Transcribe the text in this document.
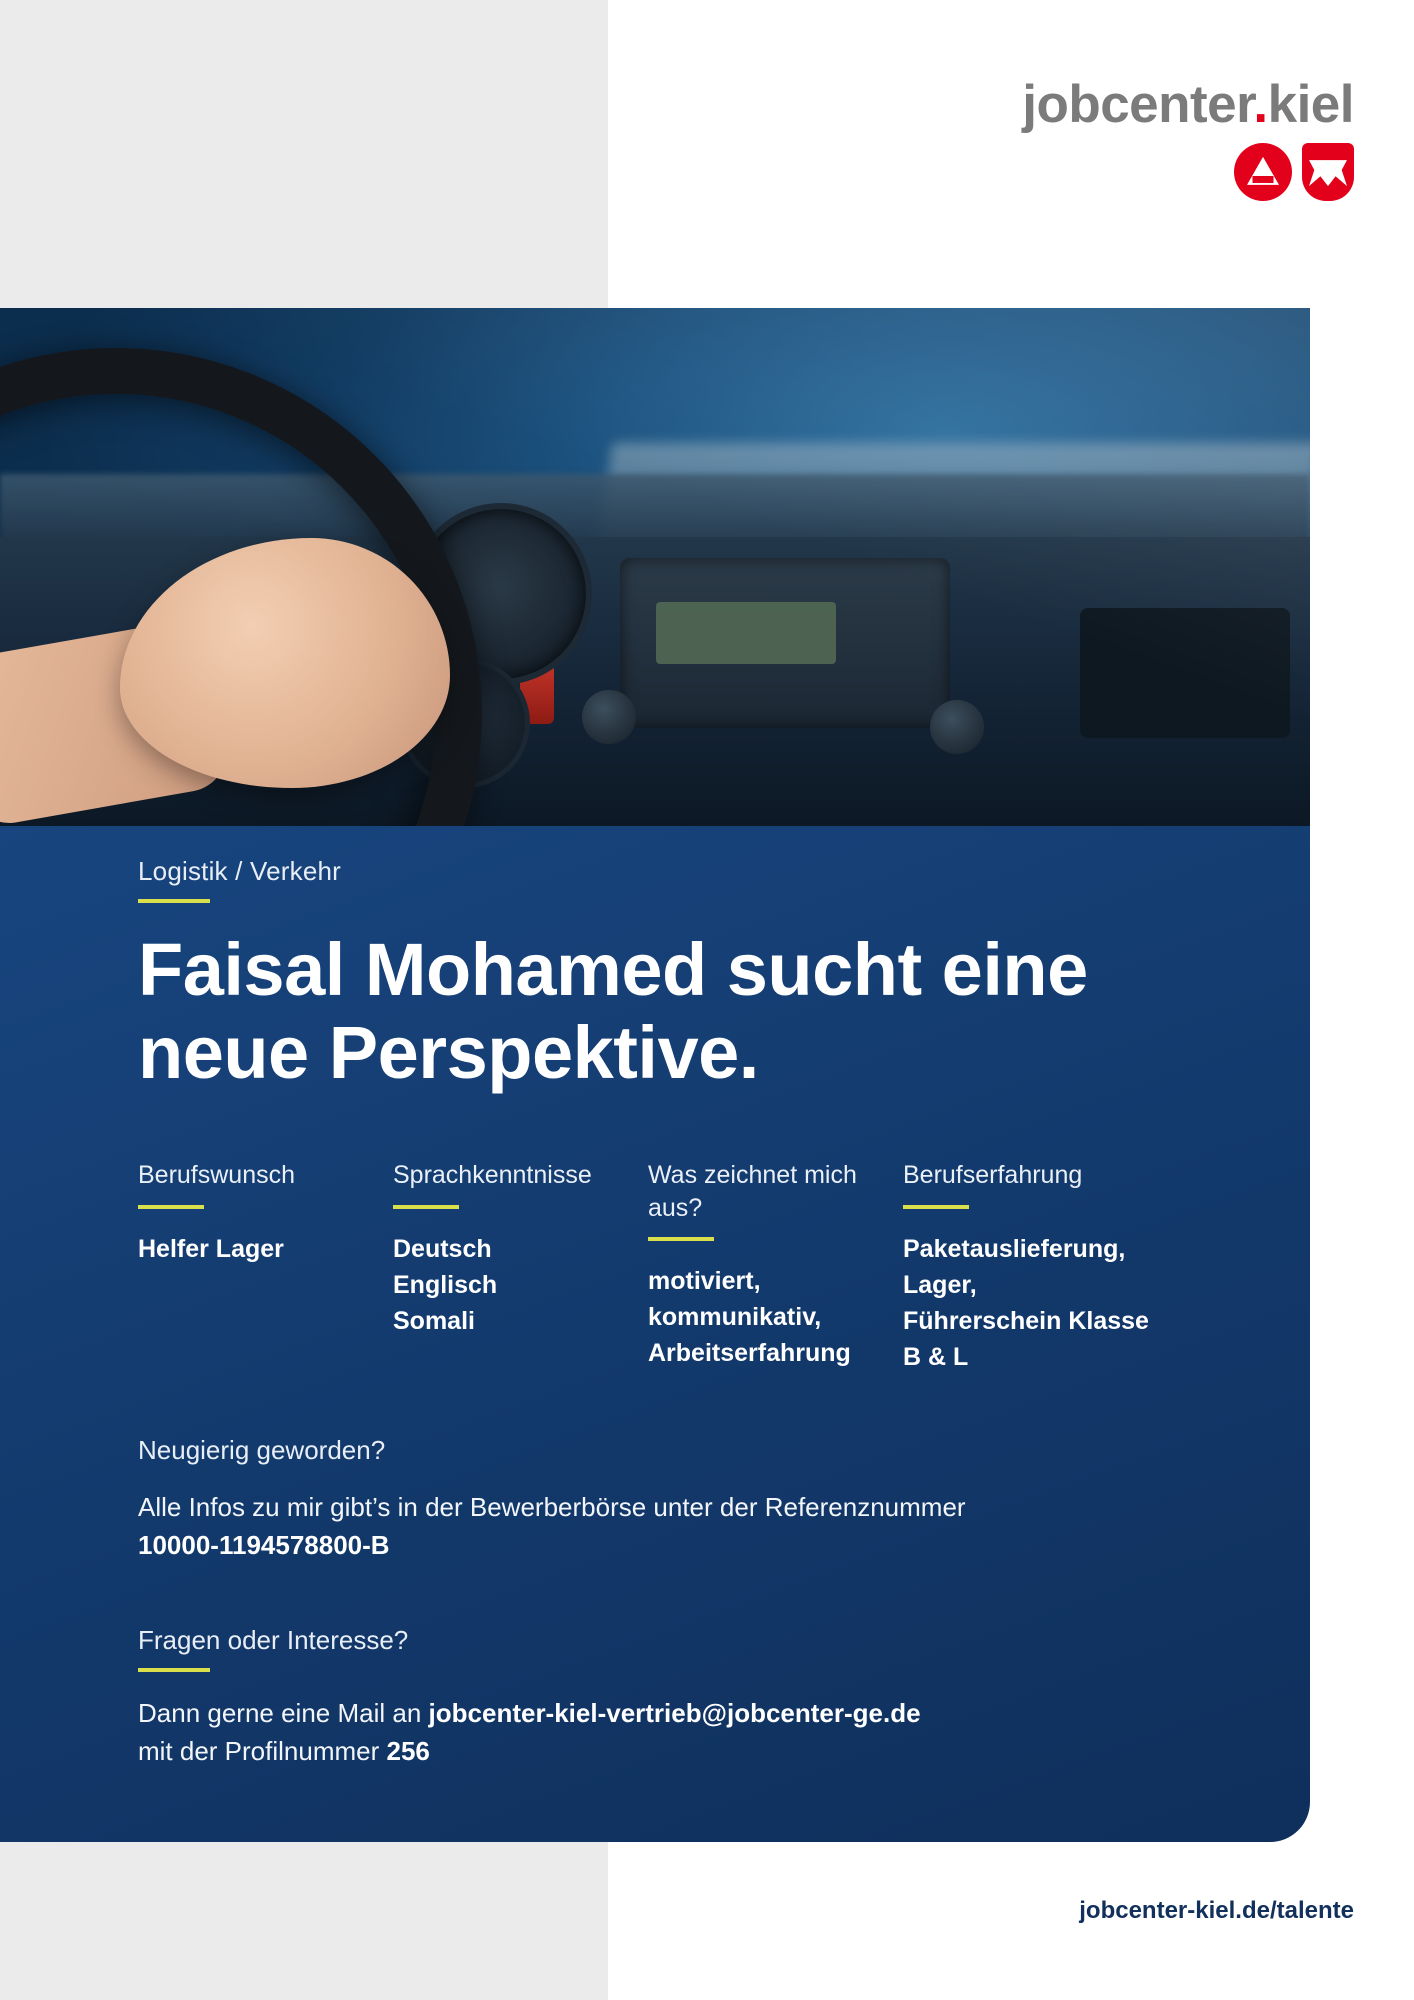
jobcenter.kiel
Logistik / Verkehr
Faisal Mohamed sucht eine neue Perspektive.
Berufswunsch
Helfer Lager
Sprachkenntnisse
Deutsch
Englisch
Somali
Was zeichnet mich aus?
motiviert,
kommunikativ,
Arbeitserfahrung
Berufserfahrung
Paketauslieferung,
Lager,
Führerschein Klasse
B & L
Neugierig geworden?

Alle Infos zu mir gibt’s in der Bewerberbörse unter der Referenznummer
10000-1194578800-B

Fragen oder Interesse?

Dann gerne eine Mail an jobcenter-kiel-vertrieb@jobcenter-ge.de
mit der Profilnummer 256

jobcenter-kiel.de/talente
